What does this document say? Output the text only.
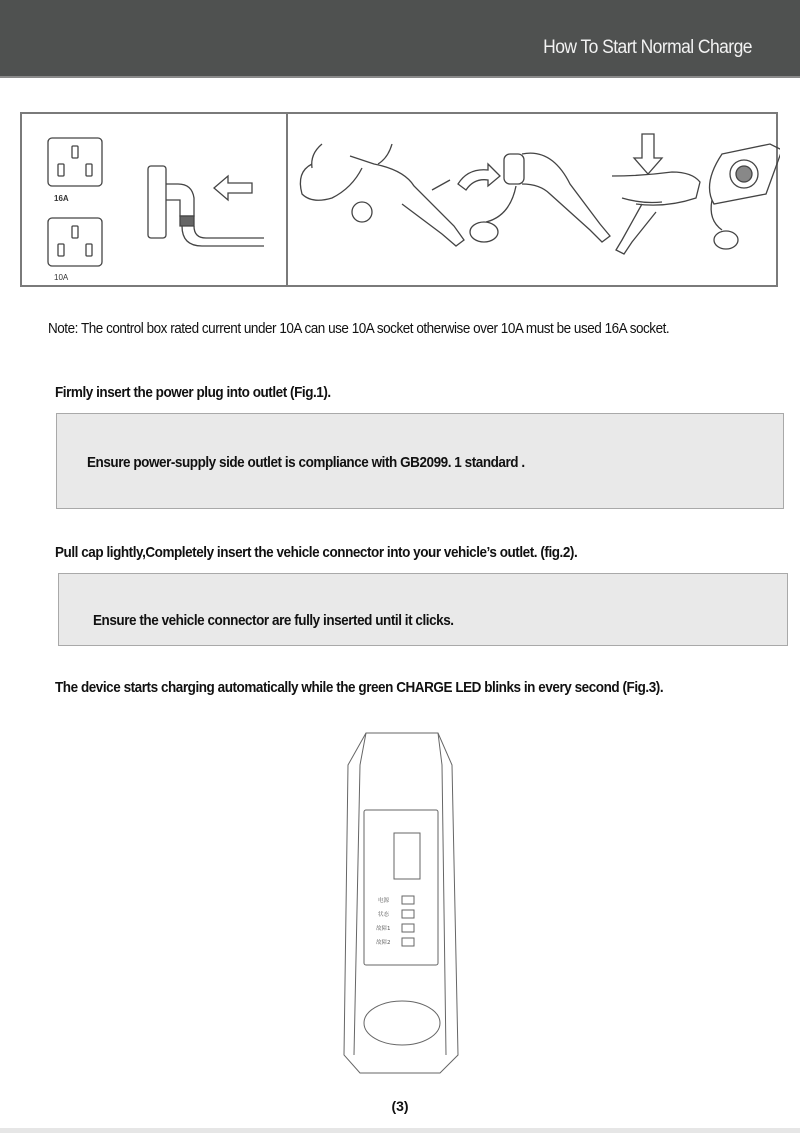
How To Start Normal Charge
16A
10A
Note: The control box rated current under 10A can use 10A socket otherwise over 10A must be used 16A socket.
Firmly insert the power plug into outlet (Fig.1).
Ensure power-supply side outlet is compliance with GB2099. 1 standard .
Pull cap lightly,Completely insert the vehicle connector into your vehicle’s outlet. (fig.2).
Ensure the vehicle connector are fully inserted until it clicks.
The device starts charging automatically while the green CHARGE LED blinks in every second (Fig.3).
电源
状态
故障1
故障2
(3)
